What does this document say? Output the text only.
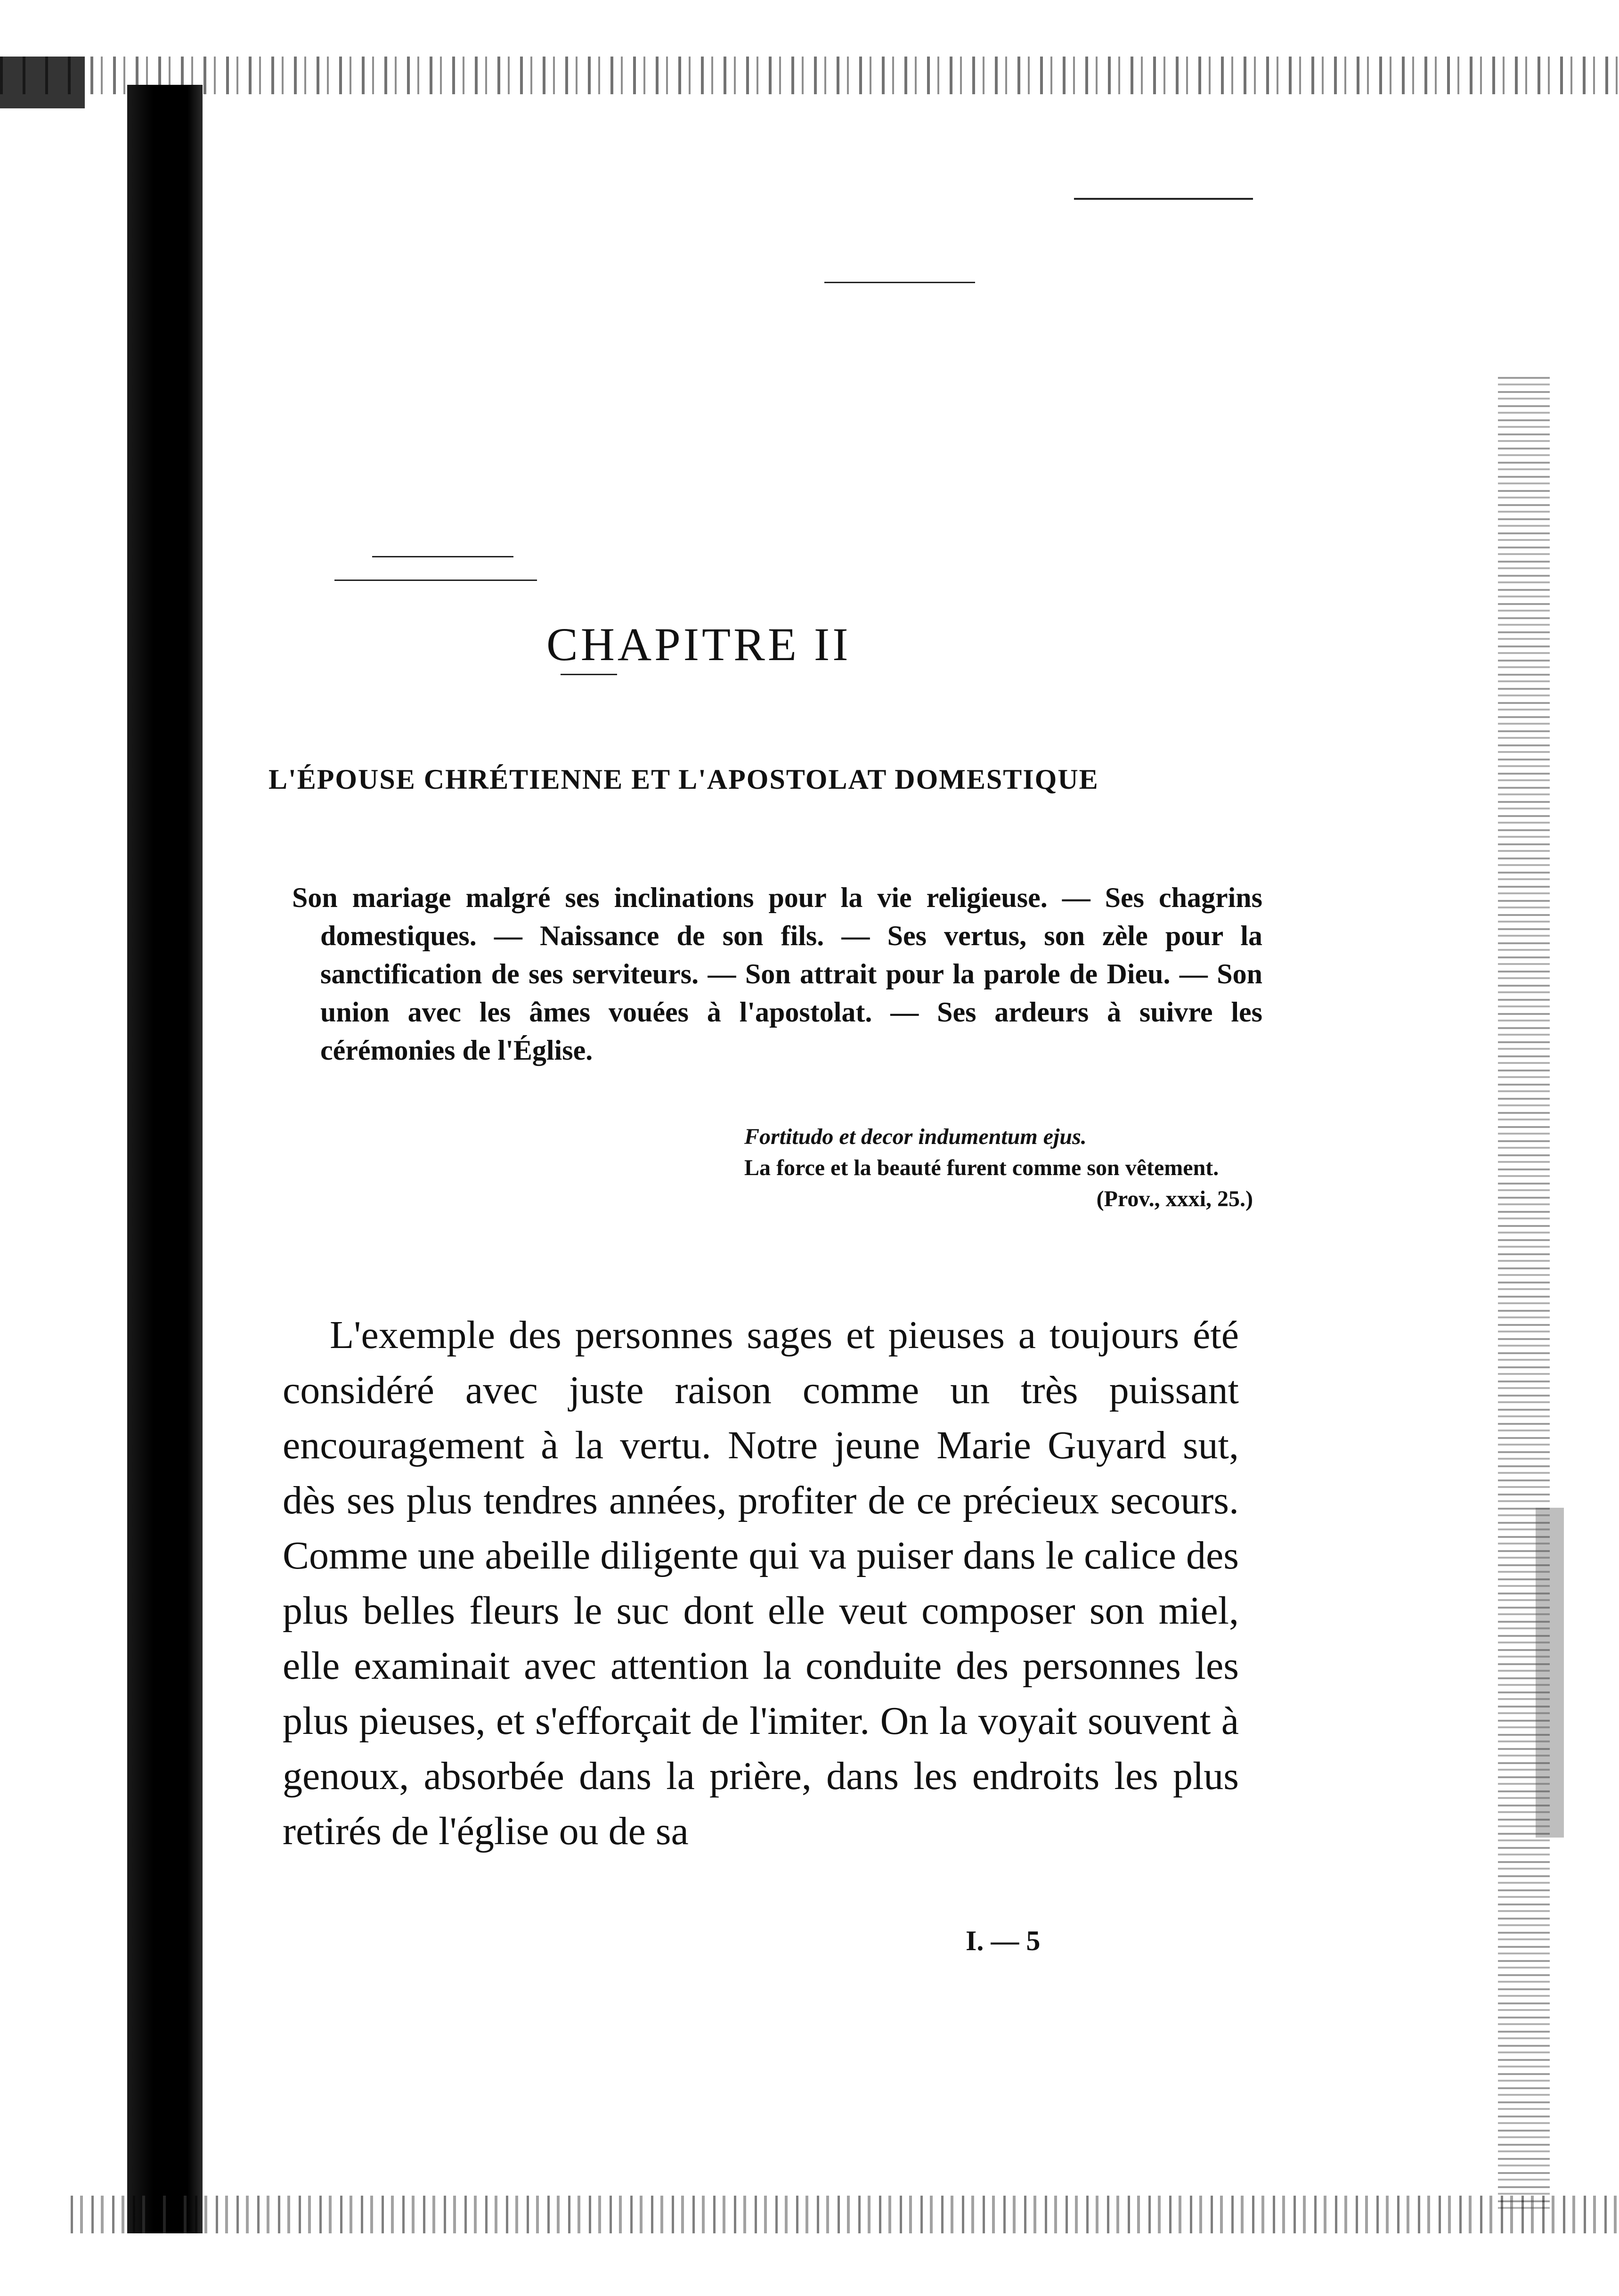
CHAPITRE II
L'ÉPOUSE CHRÉTIENNE ET L'APOSTOLAT DOMESTIQUE
Son mariage malgré ses inclinations pour la vie religieuse. — Ses chagrins domestiques. — Naissance de son fils. — Ses vertus, son zèle pour la sanctification de ses serviteurs. — Son attrait pour la parole de Dieu. — Son union avec les âmes vouées à l'apostolat. — Ses ardeurs à suivre les cérémonies de l'Église.
Fortitudo et decor indumentum ejus.
La force et la beauté furent comme son vêtement.
(Prov., xxxi, 25.)
L'exemple des personnes sages et pieuses a toujours été considéré avec juste raison comme un très puissant encouragement à la vertu. Notre jeune Marie Guyard sut, dès ses plus tendres années, profiter de ce précieux secours. Comme une abeille diligente qui va puiser dans le calice des plus belles fleurs le suc dont elle veut composer son miel, elle examinait avec attention la conduite des personnes les plus pieuses, et s'efforçait de l'imiter. On la voyait souvent à genoux, absorbée dans la prière, dans les endroits les plus retirés de l'église ou de sa
I. — 5
